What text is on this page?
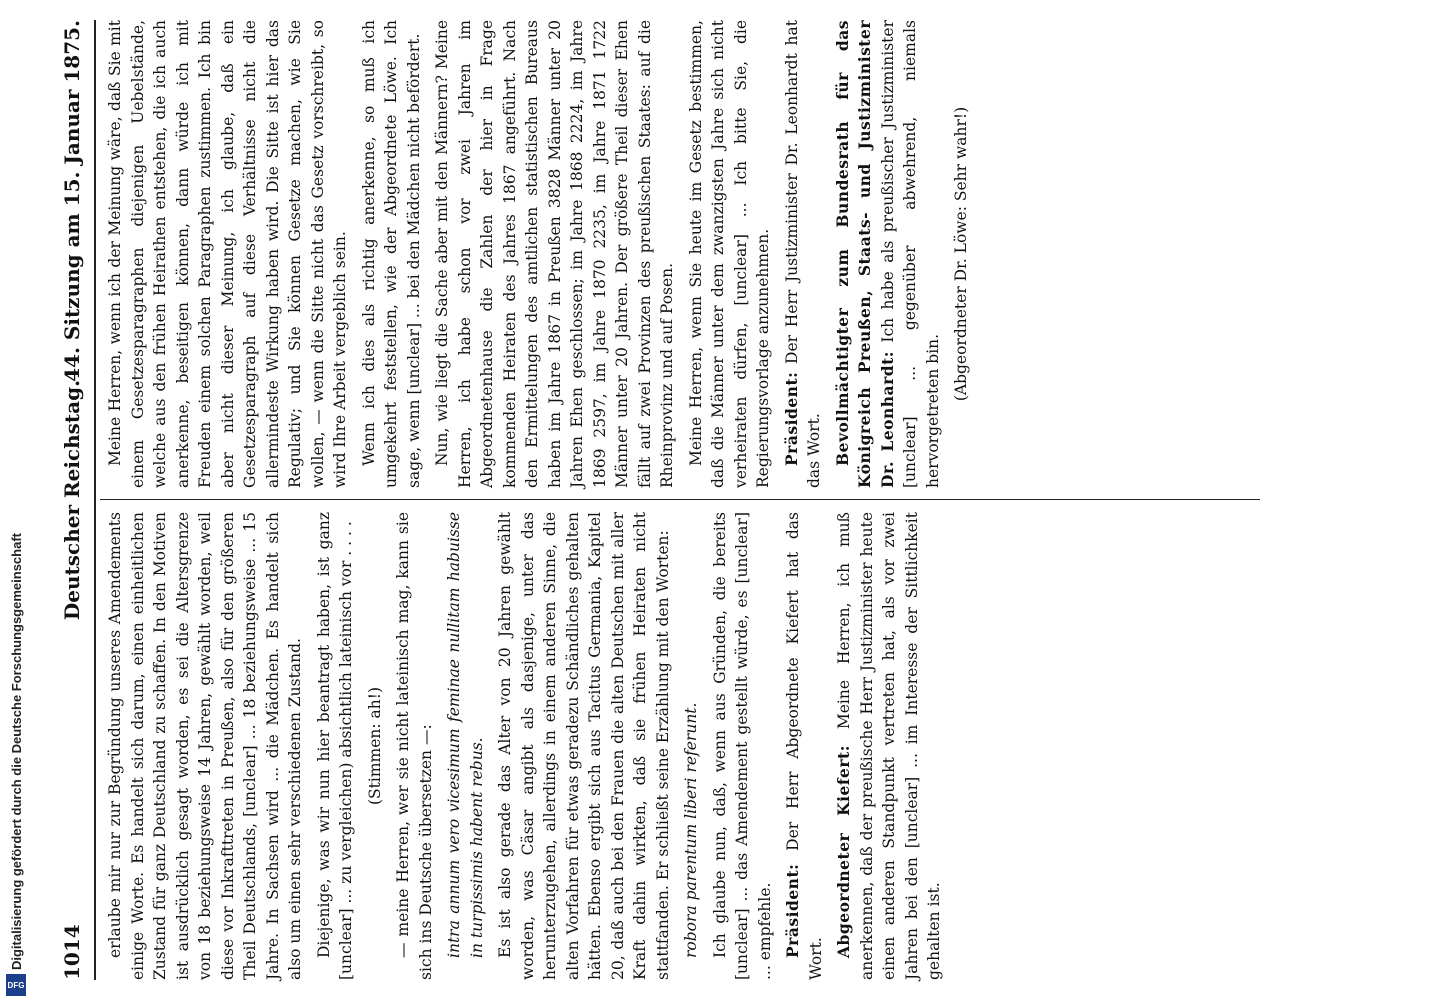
1014
Deutscher Reichstag.
44. Sitzung am 15. Januar 1875.

erlaube mir nur zur Begründung unseres Amendements einige Worte. Es handelt sich darum, einen einheitlichen Zustand für ganz Deutschland zu schaffen. In den Motiven ist ausdrücklich gesagt worden, es sei die Altersgrenze von 18 beziehungsweise 14 Jahren, gewählt worden, weil diese vor Inkrafttreten in Preußen, also für den größeren Theil Deutschlands, [unclear] ... 18 beziehungsweise ... 15 Jahre. In Sachsen wird ... die Mädchen. Es handelt sich also um einen sehr verschiedenen Zustand. Diejenige, was wir nun hier beantragt haben, ist ganz [unclear] ... zu vergleichen) absichtlich lateinisch vor . . . . (Stimmen: ah!) — meine Herren, wer sie nicht lateinisch mag, kann sie sich ins Deutsche übersetzen —: intra annum vero vicesimum feminae nullitam habuisse in turpissimis habent rebus. Es ist also gerade das Alter von 20 Jahren gewählt worden, was Cäsar angibt als dasjenige, unter das herunterzugehen, allerdings in einem anderen Sinne, die alten Vorfahren für etwas geradezu Schändliches gehalten hätten. Ebenso ergibt sich aus Tacitus Germania, Kapitel 20, daß auch bei den Frauen die alten Deutschen mit aller Kraft dahin wirkten, daß sie frühen Heiraten nicht stattfanden. Er schließt seine Erzählung mit den Worten: robora parentum liberi referunt. Ich glaube nun, daß, wenn aus Gründen, die bereits [unclear] ... das Amendement gestellt würde, es [unclear] ... empfehle. Präsident: Der Herr Abgeordnete Kiefert hat das Wort.

Abgeordneter Kiefert: Meine Herren, ich muß anerkennen, daß der preußische Herr Justizminister heute einen anderen Standpunkt vertreten hat, als vor zwei Jahren bei den [unclear] ... im Interesse der Sittlichkeit gehalten ist.

Meine Herren, wenn ich der Meinung wäre, daß Sie mit einem Gesetzesparagraphen diejenigen Uebelstände, welche aus den frühen Heirathen entstehen, die ich auch anerkenne, beseitigen können, dann würde ich mit Freuden einem solchen Paragraphen zustimmen. Ich bin aber nicht dieser Meinung, ich glaube, daß ein Gesetzesparagraph auf diese Verhältnisse nicht die allermindeste Wirkung haben wird. Die Sitte ist hier das Regulativ; und Sie können Gesetze machen, wie Sie wollen, — wenn die Sitte nicht das Gesetz vorschreibt, so wird Ihre Arbeit vergeblich sein. Wenn ich dies als richtig anerkenne, so muß ich umgekehrt feststellen, wie der Abgeordnete Löwe. Ich sage, wenn [unclear] ... bei den Mädchen nicht befördert. Nun, wie liegt die Sache aber mit den Männern? Meine Herren, ich habe schon vor zwei Jahren im Abgeordnetenhause die Zahlen der hier in Frage kommenden Heiraten des Jahres 1867 angeführt. Nach den Ermittelungen des amtlichen statistischen Bureaus haben im Jahre 1867 in Preußen 3828 Männer unter 20 Jahren Ehen geschlossen; im Jahre 1868 2224, im Jahre 1869 2597, im Jahre 1870 2235, im Jahre 1871 1722 Männer unter 20 Jahren. Der größere Theil dieser Ehen fällt auf zwei Provinzen des preußischen Staates: auf die Rheinprovinz und auf Posen. Meine Herren, wenn Sie heute im Gesetz bestimmen, daß die Männer unter dem zwanzigsten Jahre sich nicht verheiraten dürfen, [unclear] ... Ich bitte Sie, die Regierungsvorlage anzunehmen. Präsident: Der Herr Justizminister Dr. Leonhardt hat das Wort. Bevollmächtigter zum Bundesrath für das Königreich Preußen, Staats- und Justizminister Dr. Leonhardt: Ich habe als preußischer Justizminister [unclear] ... gegenüber abwehrend, niemals hervorgetreten bin.

(Abgeordneter Dr. Löwe: Sehr wahr!)

Digitalisierung gefördert durch die Deutsche Forschungsgemeinschaft
DFG
